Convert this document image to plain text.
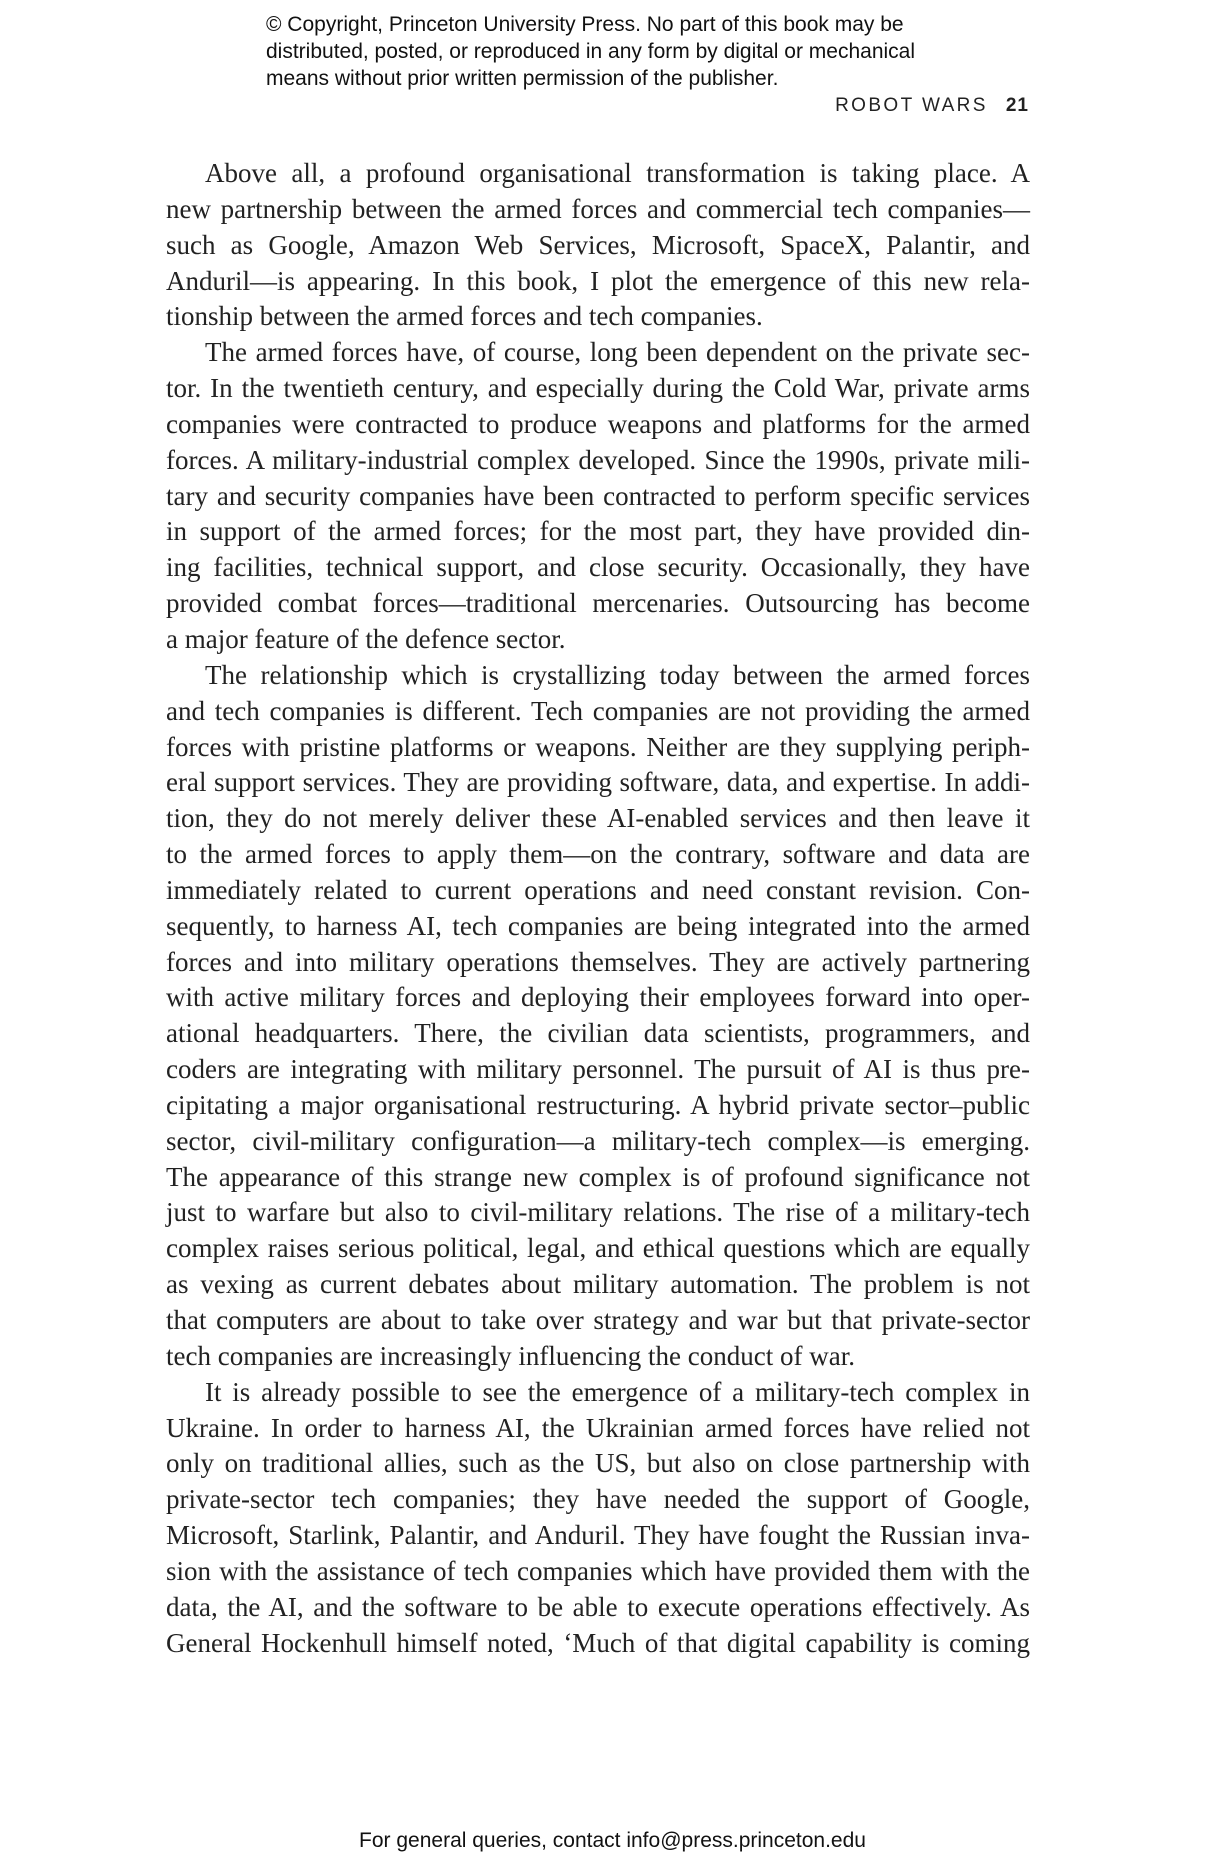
© Copyright, Princeton University Press. No part of this book may be
distributed, posted, or reproduced in any form by digital or mechanical
means without prior written permission of the publisher.
ROBOT WARS 21
Above all, a profound organisational transformation is taking place. A
new partnership between the armed forces and commercial tech companies—
such as Google, Amazon Web Services, Microsoft, SpaceX, Palantir, and
Anduril—is appearing. In this book, I plot the emergence of this new rela-
tionship between the armed forces and tech companies.
The armed forces have, of course, long been dependent on the private sec-
tor. In the twentieth century, and especially during the Cold War, private arms
companies were contracted to produce weapons and platforms for the armed
forces. A military-industrial complex developed. Since the 1990s, private mili-
tary and security companies have been contracted to perform specific services
in support of the armed forces; for the most part, they have provided din-
ing facilities, technical support, and close security. Occasionally, they have
provided combat forces—traditional mercenaries. Outsourcing has become
a major feature of the defence sector.
The relationship which is crystallizing today between the armed forces
and tech companies is different. Tech companies are not providing the armed
forces with pristine platforms or weapons. Neither are they supplying periph-
eral support services. They are providing software, data, and expertise. In addi-
tion, they do not merely deliver these AI-enabled services and then leave it
to the armed forces to apply them—on the contrary, software and data are
immediately related to current operations and need constant revision. Con-
sequently, to harness AI, tech companies are being integrated into the armed
forces and into military operations themselves. They are actively partnering
with active military forces and deploying their employees forward into oper-
ational headquarters. There, the civilian data scientists, programmers, and
coders are integrating with military personnel. The pursuit of AI is thus pre-
cipitating a major organisational restructuring. A hybrid private sector–public
sector, civil-military configuration—a military-tech complex—is emerging.
The appearance of this strange new complex is of profound significance not
just to warfare but also to civil-military relations. The rise of a military-tech
complex raises serious political, legal, and ethical questions which are equally
as vexing as current debates about military automation. The problem is not
that computers are about to take over strategy and war but that private-sector
tech companies are increasingly influencing the conduct of war.
It is already possible to see the emergence of a military-tech complex in
Ukraine. In order to harness AI, the Ukrainian armed forces have relied not
only on traditional allies, such as the US, but also on close partnership with
private-sector tech companies; they have needed the support of Google,
Microsoft, Starlink, Palantir, and Anduril. They have fought the Russian inva-
sion with the assistance of tech companies which have provided them with the
data, the AI, and the software to be able to execute operations effectively. As
General Hockenhull himself noted, ‘Much of that digital capability is coming
For general queries, contact info@press.princeton.edu
